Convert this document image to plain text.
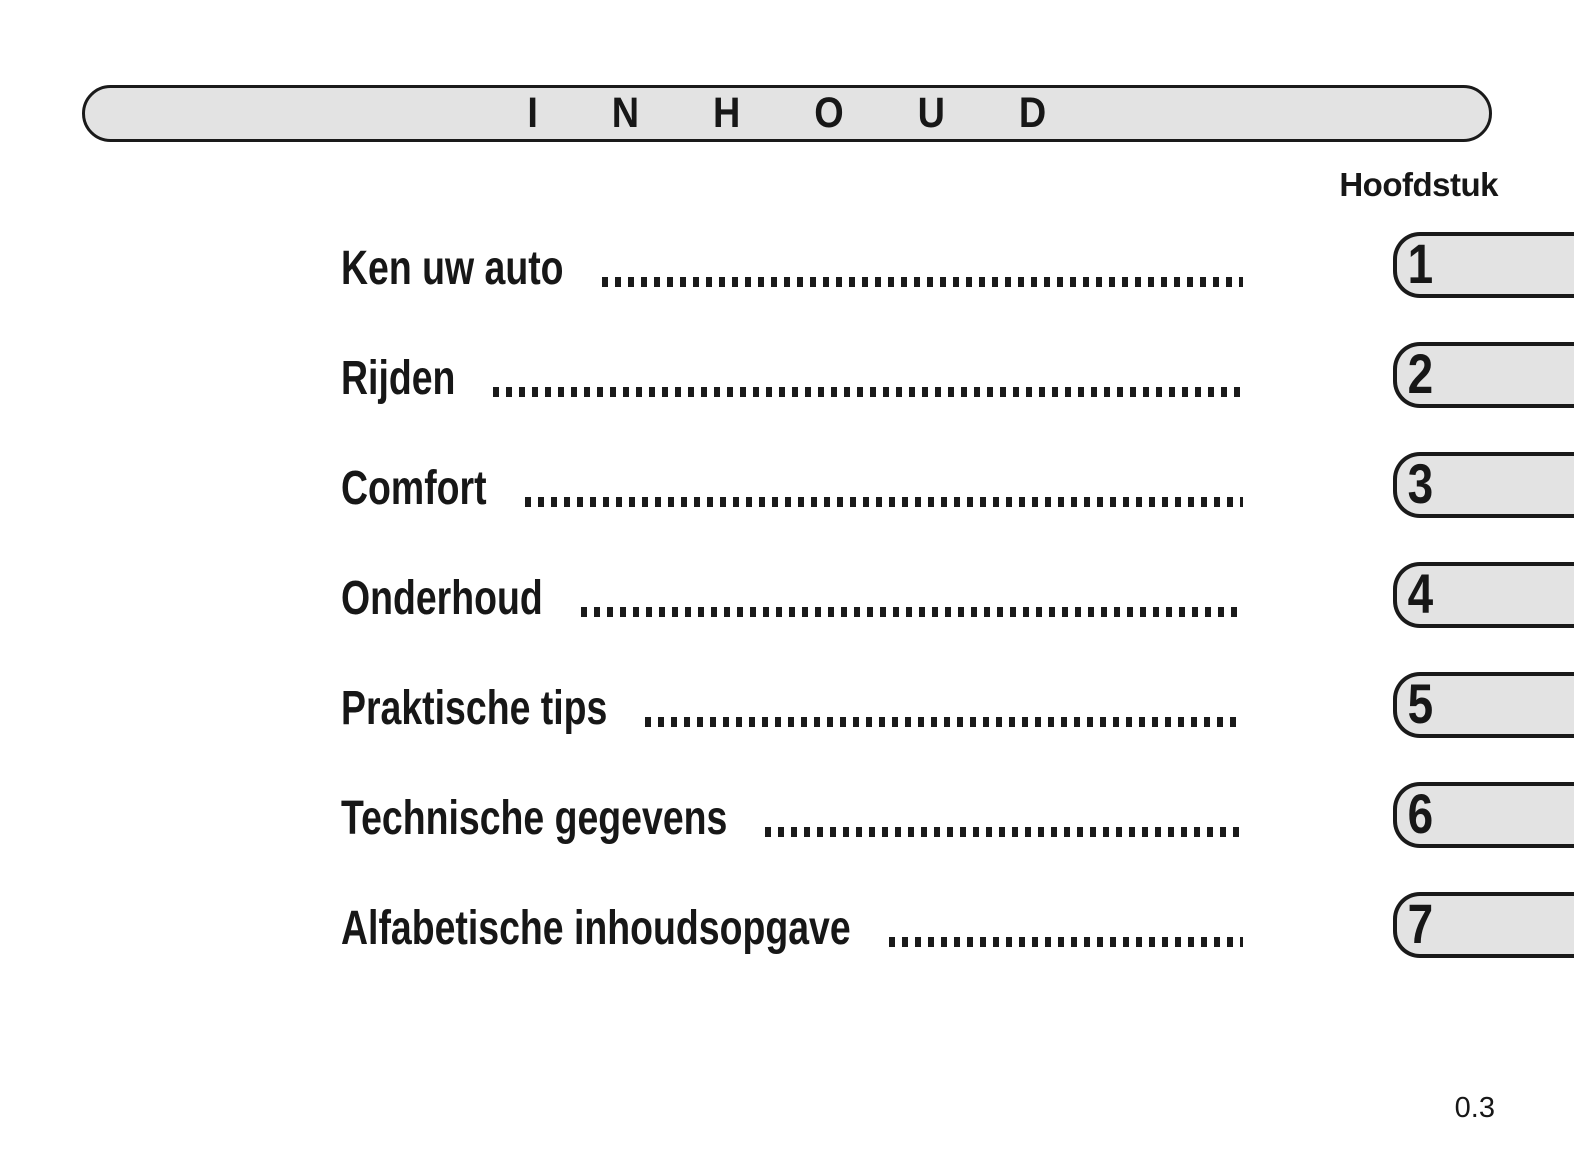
INHOUD
Hoofdstuk
Ken uw auto
Rijden
Comfort
Onderhoud
Praktische tips
Technische gegevens
Alfabetische inhoudsopgave
1
2
3
4
5
6
7
0.3
